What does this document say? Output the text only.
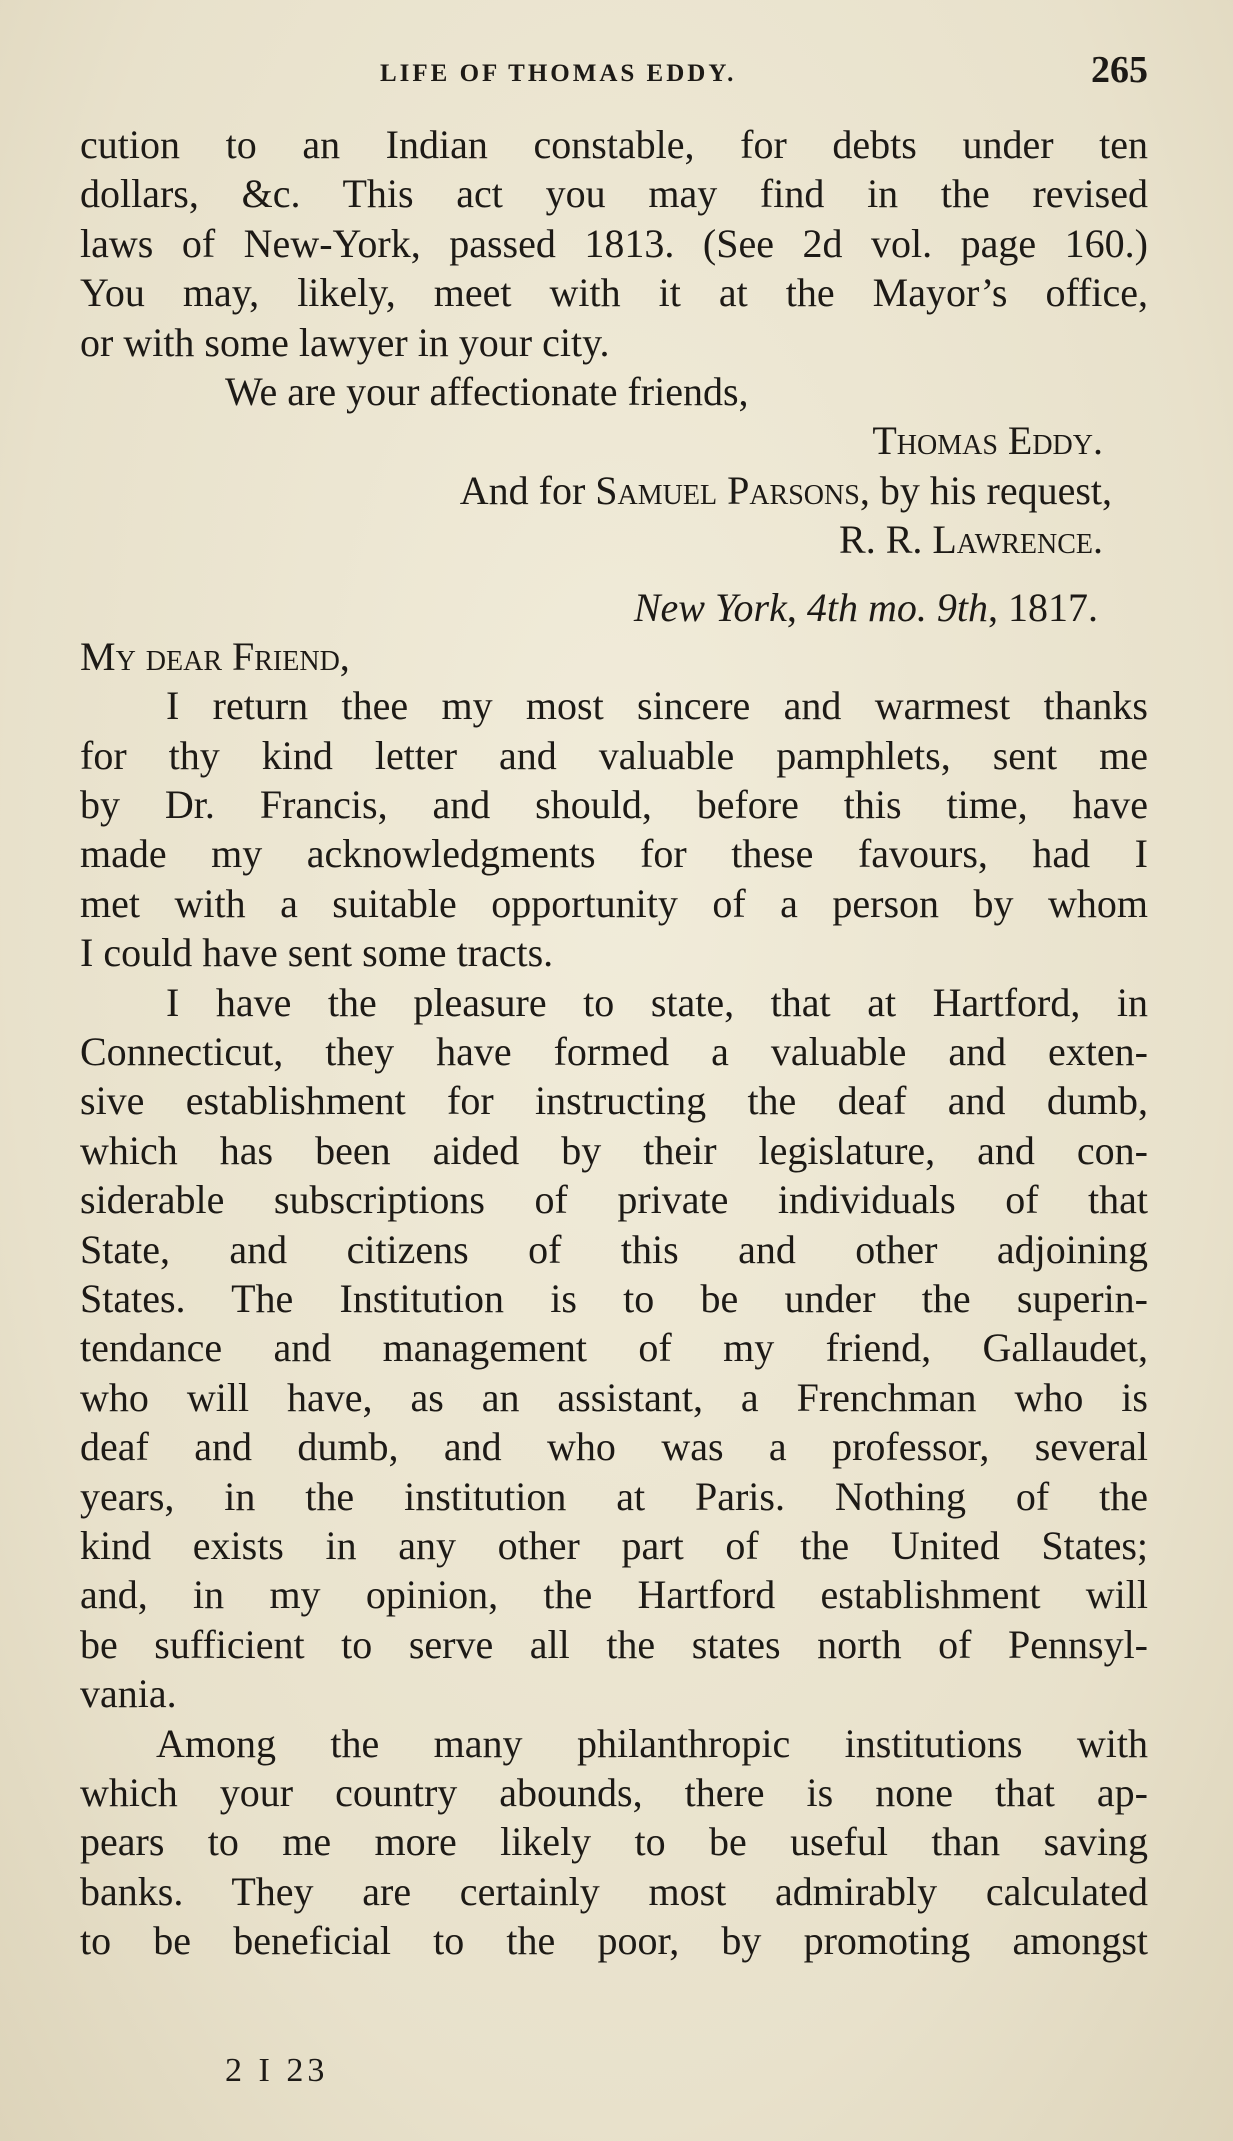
LIFE OF THOMAS EDDY.	265
cution to an Indian constable, for debts under ten
dollars, &c. This act you may find in the revised
laws of New-York, passed 1813. (See 2d vol. page 160.)
You may, likely, meet with it at the Mayor’s office,
or with some lawyer in your city.
We are your affectionate friends,
Thomas Eddy.
And for Samuel Parsons, by his request,
R. R. Lawrence.
New York, 4th mo. 9th, 1817.
My dear Friend,
I return thee my most sincere and warmest thanks
for thy kind letter and valuable pamphlets, sent me
by Dr. Francis, and should, before this time, have
made my acknowledgments for these favours, had I
met with a suitable opportunity of a person by whom
I could have sent some tracts.
I have the pleasure to state, that at Hartford, in
Connecticut, they have formed a valuable and exten-
sive establishment for instructing the deaf and dumb,
which has been aided by their legislature, and con-
siderable subscriptions of private individuals of that
State, and citizens of this and other adjoining
States. The Institution is to be under the superin-
tendance and management of my friend, Gallaudet,
who will have, as an assistant, a Frenchman who is
deaf and dumb, and who was a professor, several
years, in the institution at Paris. Nothing of the
kind exists in any other part of the United States;
and, in my opinion, the Hartford establishment will
be sufficient to serve all the states north of Pennsyl-
vania.
Among the many philanthropic institutions with
which your country abounds, there is none that ap-
pears to me more likely to be useful than saving
banks. They are certainly most admirably calculated
to be beneficial to the poor, by promoting amongst
2 I 23
